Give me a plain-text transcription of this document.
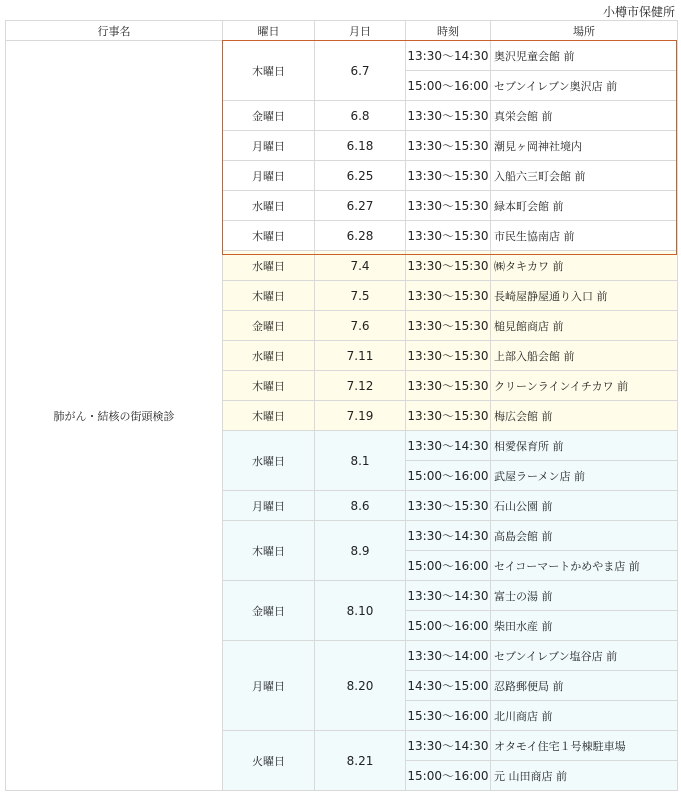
小樽市保健所
行事名	曜日	月日	時刻	場所
肺がん・結核の街頭検診	木曜日	6.7	13:30～14:30	奥沢児童会館 前
			15:00～16:00	セブンイレブン奥沢店 前
	金曜日	6.8	13:30～15:30	真栄会館 前
	月曜日	6.18	13:30～15:30	潮見ヶ岡神社境内
	月曜日	6.25	13:30～15:30	入船六三町会館 前
	水曜日	6.27	13:30～15:30	緑本町会館 前
	木曜日	6.28	13:30～15:30	市民生協南店 前
	水曜日	7.4	13:30～15:30	㈱タキカワ 前
	木曜日	7.5	13:30～15:30	長崎屋静屋通り入口 前
	金曜日	7.6	13:30～15:30	槌見館商店 前
	水曜日	7.11	13:30～15:30	上部入船会館 前
	木曜日	7.12	13:30～15:30	クリーンラインイチカワ 前
	木曜日	7.19	13:30～15:30	梅広会館 前
	水曜日	8.1	13:30～14:30	相愛保育所 前
			15:00～16:00	武屋ラーメン店 前
	月曜日	8.6	13:30～15:30	石山公園 前
	木曜日	8.9	13:30～14:30	高島会館 前
			15:00～16:00	セイコーマートかめやま店 前
	金曜日	8.10	13:30～14:30	富士の湯 前
			15:00～16:00	柴田水産 前
	月曜日	8.20	13:30～14:00	セブンイレブン塩谷店 前
			14:30～15:00	忍路郵便局 前
			15:30～16:00	北川商店 前
	火曜日	8.21	13:30～14:30	オタモイ住宅１号棟駐車場
			15:00～16:00	元 山田商店 前
